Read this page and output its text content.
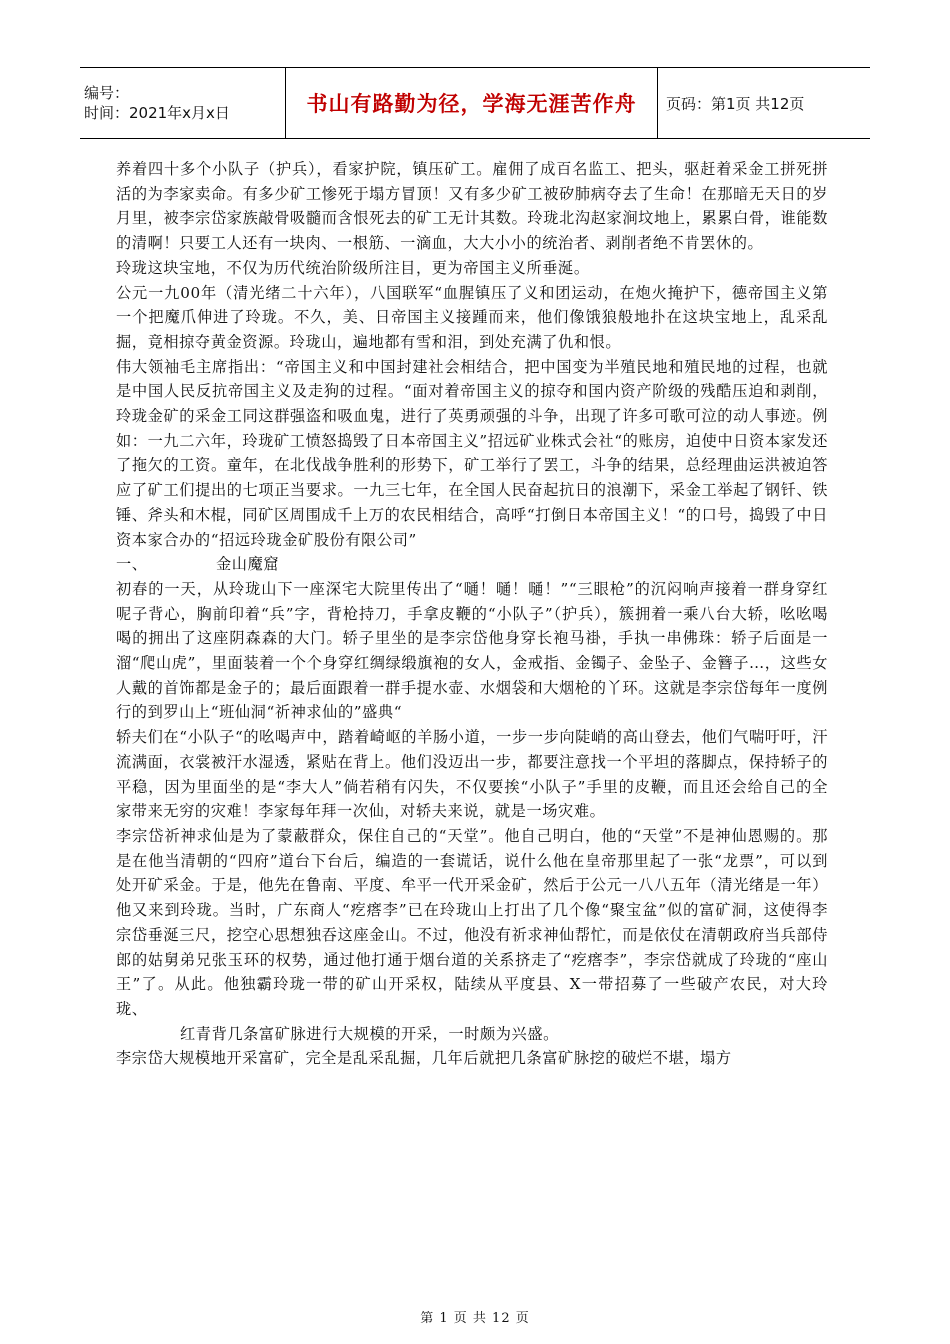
编号：
时间：2021年x月x日	书山有路勤为径，学海无涯苦作舟 页码：第1页 共12页

养着四十多个小队子（护兵），看家护院，镇压矿工。雇佣了成百名监工、把头，驱赶着采金工拼死拼活的为李家卖命。有多少矿工惨死于塌方冒顶！又有多少矿工被矽肺病夺去了生命！在那暗无天日的岁月里，被李宗岱家族敲骨吸髓而含恨死去的矿工无计其数。玲珑北沟赵家涧坟地上，累累白骨，谁能数的清啊！只要工人还有一块肉、一根筋、一滴血，大大小小的统治者、剥削者绝不肯罢休的。

玲珑这块宝地，不仅为历代统治阶级所注目，更为帝国主义所垂涎。

公元一九00年（清光绪二十六年），八国联军“血腥镇压了义和团运动，在炮火掩护下，德帝国主义第一个把魔爪伸进了玲珑。不久，美、日帝国主义接踵而来，他们像饿狼般地扑在这块宝地上，乱采乱掘，竟相掠夺黄金资源。玲珑山，遍地都有雪和泪，到处充满了仇和恨。

伟大领袖毛主席指出：“帝国主义和中国封建社会相结合，把中国变为半殖民地和殖民地的过程，也就是中国人民反抗帝国主义及走狗的过程。“面对着帝国主义的掠夺和国内资产阶级的残酷压迫和剥削，玲珑金矿的采金工同这群强盗和吸血鬼，进行了英勇顽强的斗争，出现了许多可歌可泣的动人事迹。例如：一九二六年，玲珑矿工愤怒捣毁了日本帝国主义”招远矿业株式会社“的账房，迫使中日资本家发还了拖欠的工资。童年，在北伐战争胜利的形势下，矿工举行了罢工，斗争的结果，总经理曲运洪被迫答应了矿工们提出的七项正当要求。一九三七年，在全国人民奋起抗日的浪潮下，采金工举起了钢钎、铁锤、斧头和木棍，同矿区周围成千上万的农民相结合，高呼“打倒日本帝国主义！“的口号，捣毁了中日资本家合办的“招远玲珑金矿股份有限公司”

一、	金山魔窟

初春的一天，从玲珑山下一座深宅大院里传出了“嗵！嗵！嗵！”“三眼枪”的沉闷响声接着一群身穿红呢子背心，胸前印着“兵”字，背枪持刀，手拿皮鞭的“小队子”（护兵），簇拥着一乘八台大轿，吆吆喝喝的拥出了这座阴森森的大门。轿子里坐的是李宗岱他身穿长袍马褂，手执一串佛珠：轿子后面是一溜“爬山虎”，里面装着一个个身穿红绸绿缎旗袍的女人，金戒指、金镯子、金坠子、金簪子…，这些女人戴的首饰都是金子的；最后面跟着一群手提水壶、水烟袋和大烟枪的丫环。这就是李宗岱每年一度例行的到罗山上“班仙洞“祈神求仙的”盛典“

轿夫们在“小队子“的吆喝声中，踏着崎岖的羊肠小道，一步一步向陡峭的高山登去，他们气喘吁吁，汗流满面，衣裳被汗水湿透，紧贴在背上。他们没迈出一步，都要注意找一个平坦的落脚点，保持轿子的平稳，因为里面坐的是“李大人”倘若稍有闪失，不仅要挨“小队子”手里的皮鞭，而且还会给自己的全家带来无穷的灾难！李家每年拜一次仙，对轿夫来说，就是一场灾难。

李宗岱祈神求仙是为了蒙蔽群众，保住自己的“天堂”。他自己明白，他的“天堂”不是神仙恩赐的。那是在他当清朝的“四府”道台下台后，编造的一套谎话，说什么他在皇帝那里起了一张“龙票”，可以到处开矿采金。于是，他先在鲁南、平度、牟平一代开采金矿，然后于公元一八八五年（清光绪是一年）他又来到玲珑。当时，广东商人“疙瘩李”已在玲珑山上打出了几个像“聚宝盆”似的富矿洞，这使得李宗岱垂涎三尺，挖空心思想独吞这座金山。不过，他没有祈求神仙帮忙，而是依仗在清朝政府当兵部侍郎的姑舅弟兄张玉环的权势，通过他打通于烟台道的关系挤走了“疙瘩李”，李宗岱就成了玲珑的“座山王”了。从此。他独霸玲珑一带的矿山开采权，陆续从平度县、X一带招募了一些破产农民，对大玲珑、

红青背几条富矿脉进行大规模的开采，一时颇为兴盛。

李宗岱大规模地开采富矿，完全是乱采乱掘，几年后就把几条富矿脉挖的破烂不堪，塌方

第 1 页 共 12 页
